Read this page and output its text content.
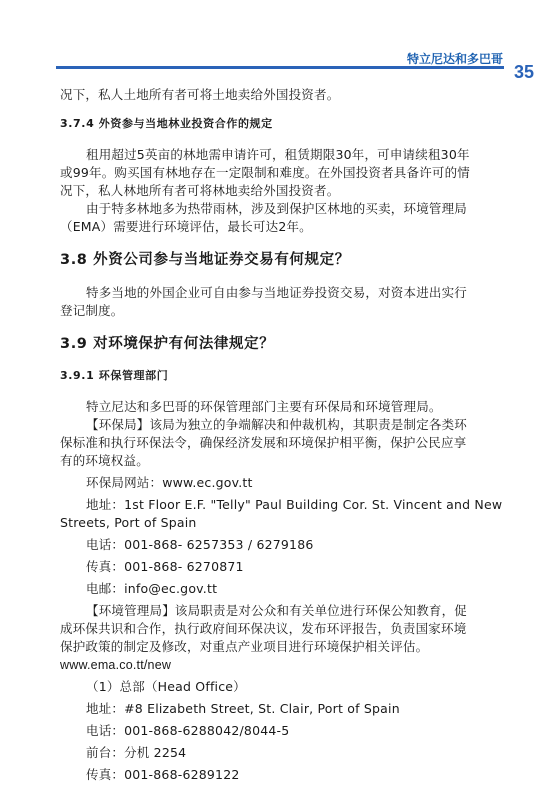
特立尼达和多巴哥
35

况下，私人土地所有者可将土地卖给外国投资者。

3.7.4 外资参与当地林业投资合作的规定

租用超过5英亩的林地需申请许可，租赁期限30年，可申请续租30年

或99年。购买国有林地存在一定限制和难度。在外国投资者具备许可的情

况下，私人林地所有者可将林地卖给外国投资者。

由于特多林地多为热带雨林，涉及到保护区林地的买卖，环境管理局

（EMA）需要进行环境评估，最长可达2年。

3.8 外资公司参与当地证券交易有何规定？

特多当地的外国企业可自由参与当地证券投资交易，对资本进出实行

登记制度。

3.9 对环境保护有何法律规定？
3.9.1 环保管理部门

特立尼达和多巴哥的环保管理部门主要有环保局和环境管理局。

【环保局】该局为独立的争端解决和仲裁机构，其职责是制定各类环

保标准和执行环保法令，确保经济发展和环境保护相平衡，保护公民应享

有的环境权益。

环保局网站：www.ec.gov.tt

地址：1st Floor E.F. "Telly" Paul Building Cor. St. Vincent and New Streets, Port of Spain

电话：001-868- 6257353 / 6279186

传真：001-868- 6270871

电邮：info@ec.gov.tt

【环境管理局】该局职责是对公众和有关单位进行环保公知教育，促

成环保共识和合作，执行政府间环保决议，发布环评报告，负责国家环境

保护政策的制定及修改，对重点产业项目进行环境保护相关评估。

www.ema.co.tt/new

（1）总部（Head Office）

地址：#8 Elizabeth Street, St. Clair, Port of Spain

电话：001-868-6288042/8044-5

前台：分机 2254

传真：001-868-6289122
